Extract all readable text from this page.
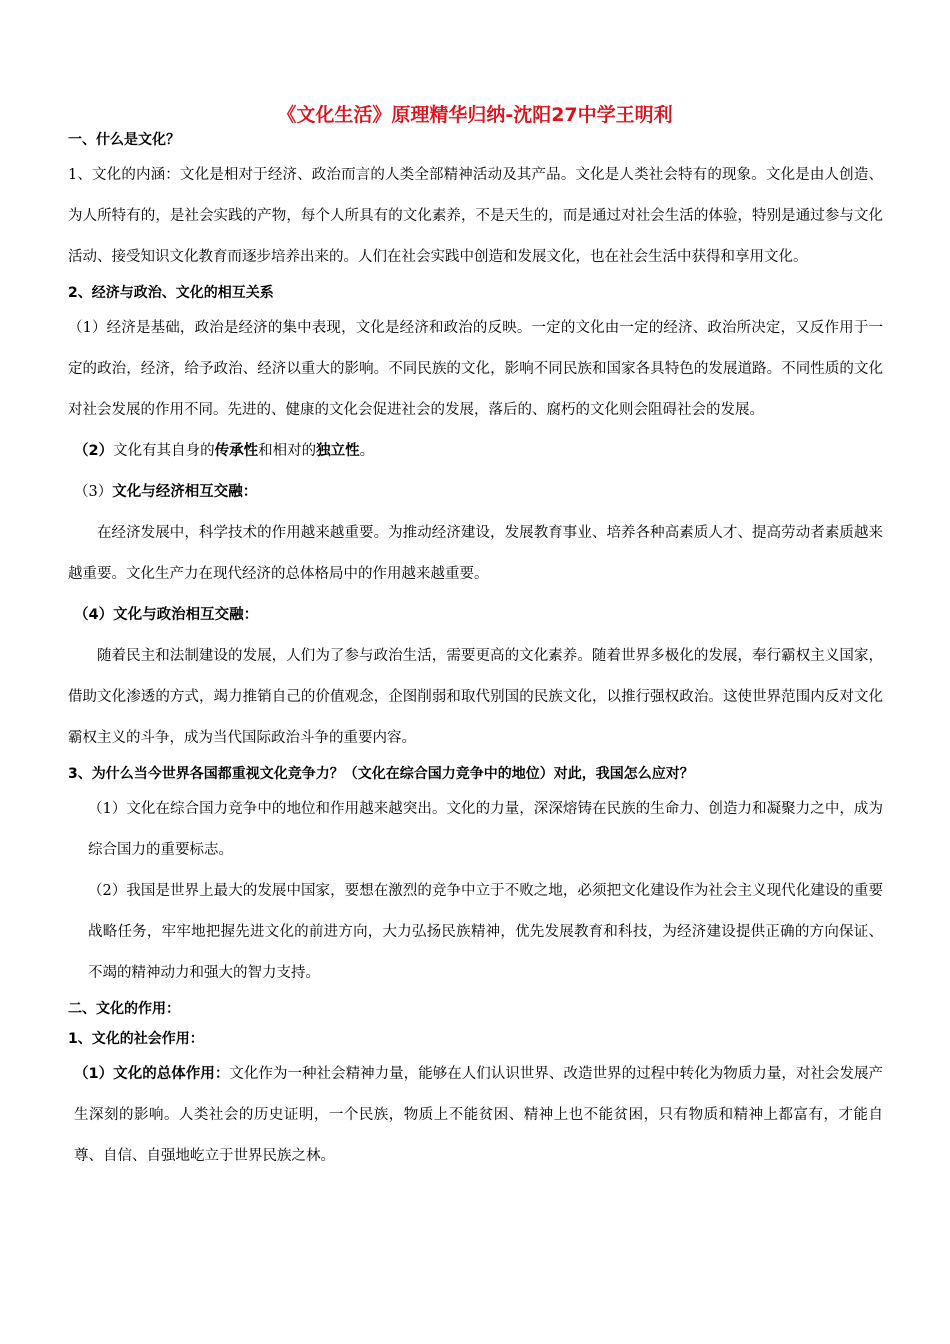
《文化生活》原理精华归纳-沈阳27中学王明利

一、什么是文化？

1、文化的内涵：文化是相对于经济、政治而言的人类全部精神活动及其产品。文化是人类社会特有的现象。文化是由人创造、为人所特有的，是社会实践的产物，每个人所具有的文化素养，不是天生的，而是通过对社会生活的体验，特别是通过参与文化活动、接受知识文化教育而逐步培养出来的。人们在社会实践中创造和发展文化，也在社会生活中获得和享用文化。

2、经济与政治、文化的相互关系

（1）经济是基础，政治是经济的集中表现，文化是经济和政治的反映。一定的文化由一定的经济、政治所决定，又反作用于一定的政治，经济，给予政治、经济以重大的影响。不同民族的文化，影响不同民族和国家各具特色的发展道路。不同性质的文化对社会发展的作用不同。先进的、健康的文化会促进社会的发展，落后的、腐朽的文化则会阻碍社会的发展。

（2）文化有其自身的传承性和相对的独立性。

（3）文化与经济相互交融：

在经济发展中，科学技术的作用越来越重要。为推动经济建设，发展教育事业、培养各种高素质人才、提高劳动者素质越来越重要。文化生产力在现代经济的总体格局中的作用越来越重要。

（4）文化与政治相互交融：

随着民主和法制建设的发展，人们为了参与政治生活，需要更高的文化素养。随着世界多极化的发展，奉行霸权主义国家，借助文化渗透的方式，竭力推销自己的价值观念，企图削弱和取代别国的民族文化，以推行强权政治。这使世界范围内反对文化霸权主义的斗争，成为当代国际政治斗争的重要内容。

3、为什么当今世界各国都重视文化竞争力？（文化在综合国力竞争中的地位）对此，我国怎么应对？

（1）文化在综合国力竞争中的地位和作用越来越突出。文化的力量，深深熔铸在民族的生命力、创造力和凝聚力之中，成为综合国力的重要标志。

（2）我国是世界上最大的发展中国家，要想在激烈的竞争中立于不败之地，必须把文化建设作为社会主义现代化建设的重要战略任务，牢牢地把握先进文化的前进方向，大力弘扬民族精神，优先发展教育和科技，为经济建设提供正确的方向保证、不竭的精神动力和强大的智力支持。

二、文化的作用：

1、文化的社会作用：

（1）文化的总体作用：文化作为一种社会精神力量，能够在人们认识世界、改造世界的过程中转化为物质力量，对社会发展产生深刻的影响。人类社会的历史证明，一个民族，物质上不能贫困、精神上也不能贫困，只有物质和精神上都富有，才能自尊、自信、自强地屹立于世界民族之林。
